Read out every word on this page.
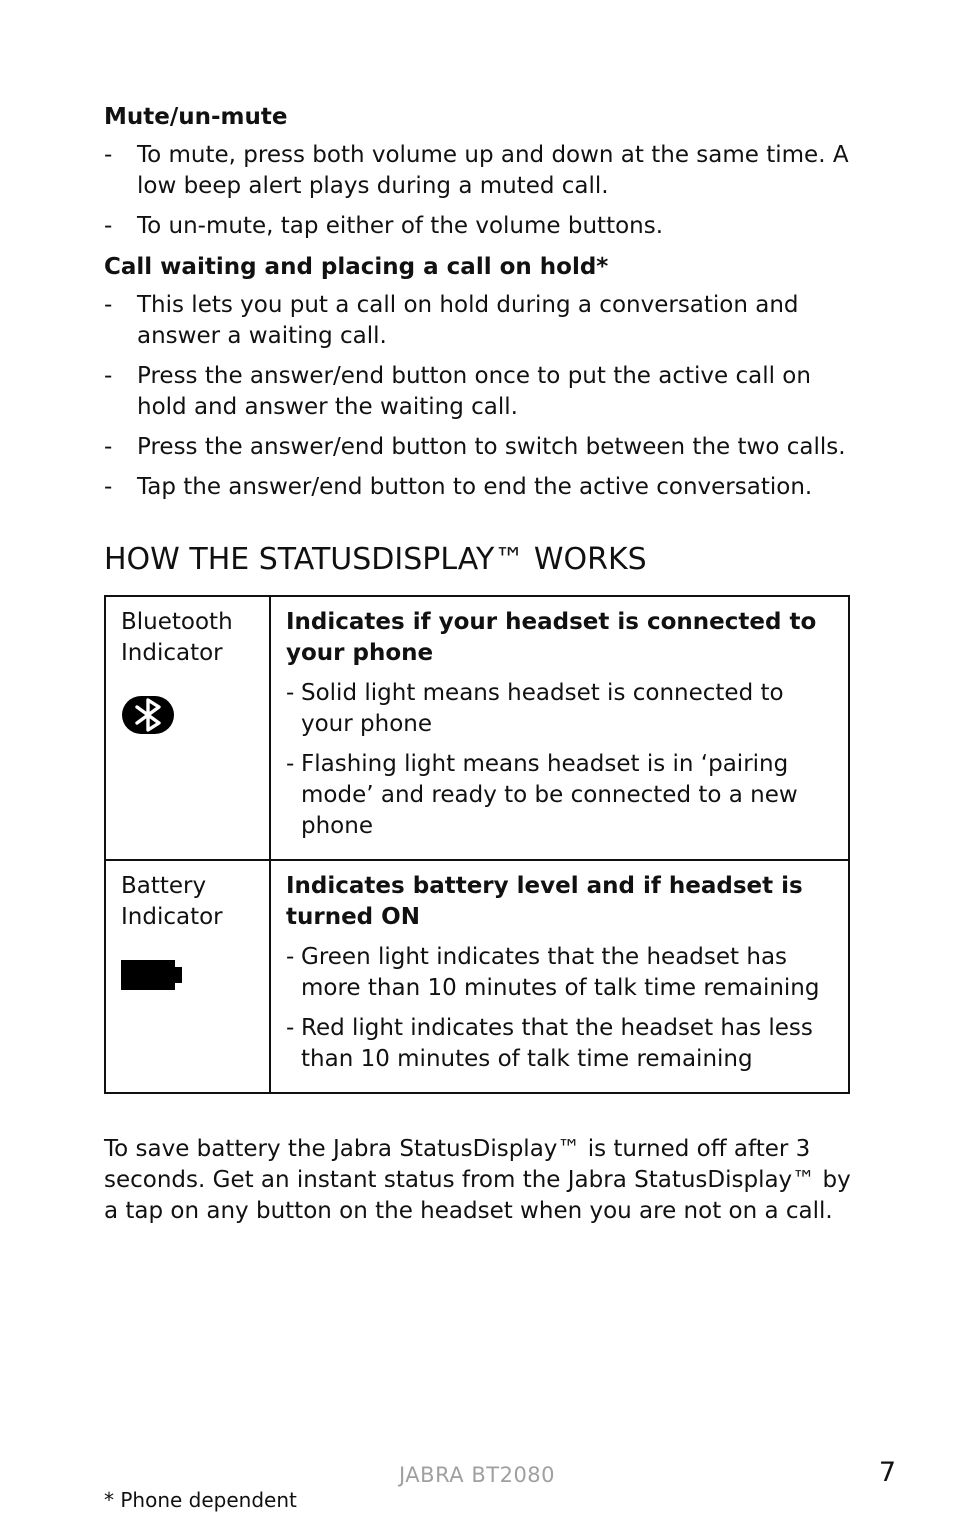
Mute/un-mute

- To mute, press both volume up and down at the same time. A low beep alert plays during a muted call.
- To un-mute, tap either of the volume buttons.

Call waiting and placing a call on hold*

- This lets you put a call on hold during a conversation and answer a waiting call.
- Press the answer/end button once to put the active call on hold and answer the waiting call.
- Press the answer/end button to switch between the two calls.
- Tap the answer/end button to end the active conversation.
HOW THE STATUSDISPLAY™ WORKS
Bluetooth Indicator	Indicates if your headset is connected to your phone
- Solid light means headset is connected to your phone
- Flashing light means headset is in ‘pairing mode’ and ready to be connected to a new phone

Battery Indicator	Indicates battery level and if headset is turned ON
- Green light indicates that the headset has more than 10 minutes of talk time remaining
- Red light indicates that the headset has less than 10 minutes of talk time remaining

To save battery the Jabra StatusDisplay™ is turned off after 3 seconds. Get an instant status from the Jabra StatusDisplay™ by a tap on any button on the headset when you are not on a call.

JABRA BT2080	7
* Phone dependent
